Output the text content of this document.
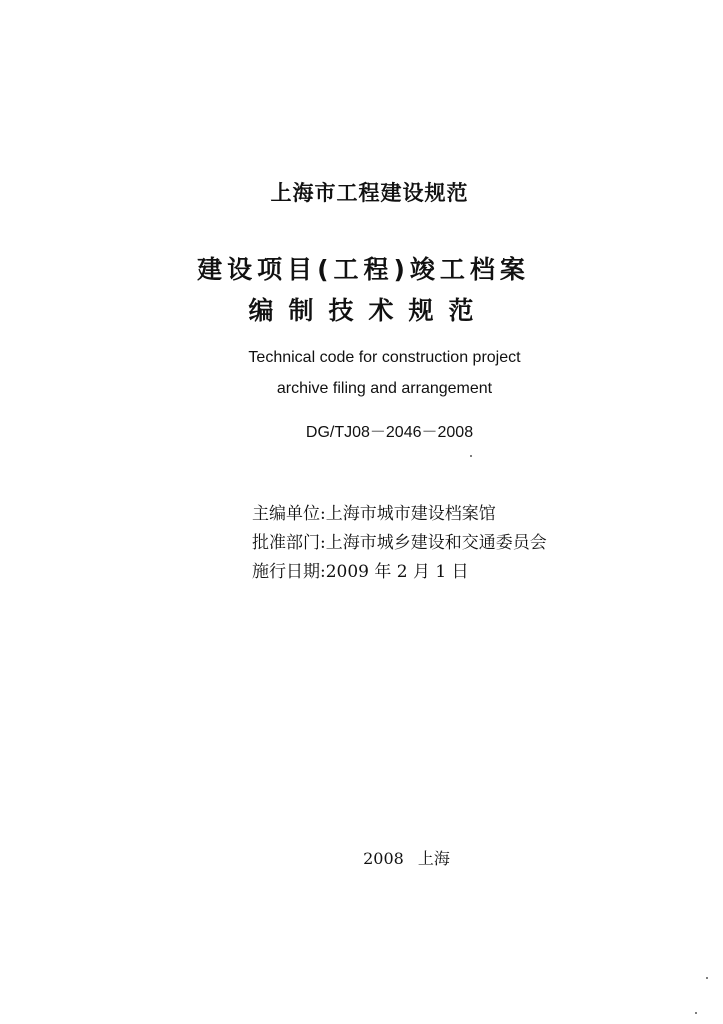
上海市工程建设规范
建设项目(工程)竣工档案
编制技术规范
Technical code for construction project
archive filing and arrangement
DG/TJ08－2046－2008
主编单位:上海市城市建设档案馆
批准部门:上海市城乡建设和交通委员会
施行日期:2009 年 2 月 1 日
2008 上海
